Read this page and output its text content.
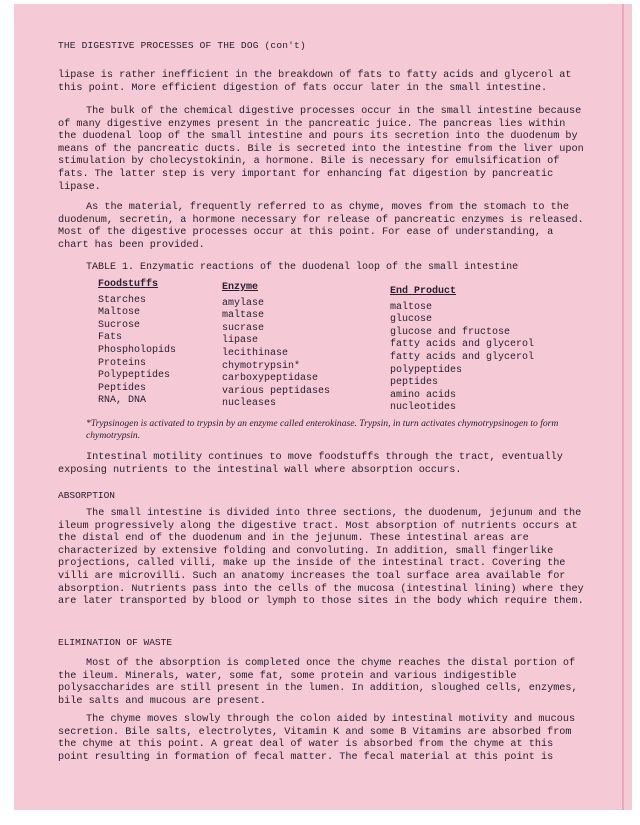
THE DIGESTIVE PROCESSES OF THE DOG (con't)

lipase is rather inefficient in the breakdown of fats to fatty acids and glycerol at this point. More efficient digestion of fats occur later in the small intestine.

The bulk of the chemical digestive processes occur in the small intestine because of many digestive enzymes present in the pancreatic juice. The pancreas lies within the duodenal loop of the small intestine and pours its secretion into the duodenum by means of the pancreatic ducts. Bile is secreted into the intestine from the liver upon stimulation by cholecystokinin, a hormone. Bile is necessary for emulsification of fats. The latter step is very important for enhancing fat digestion by pancreatic lipase.

As the material, frequently referred to as chyme, moves from the stomach to the duodenum, secretin, a hormone necessary for release of pancreatic enzymes is released. Most of the digestive processes occur at this point. For ease of understanding, a chart has been provided.

TABLE 1. Enzymatic reactions of the duodenal loop of the small intestine
Foodstuffs
Starches
Maltose
Sucrose
Fats
Phospholopids
Proteins
Polypeptides
Peptides
RNA, DNA
Enzyme
amylase
maltase
sucrase
lipase
lecithinase
chymotrypsin*
carboxypeptidase
various peptidases
nucleases
End Product
maltose
glucose
glucose and fructose
fatty acids and glycerol
fatty acids and glycerol
polypeptides
peptides
amino acids
nucleotides
*Trypsinogen is activated to trypsin by an enzyme called enterokinase. Trypsin, in turn activates chymotrypsinogen to form chymotrypsin.

Intestinal motility continues to move foodstuffs through the tract, eventually exposing nutrients to the intestinal wall where absorption occurs.

ABSORPTION

The small intestine is divided into three sections, the duodenum, jejunum and the ileum progressively along the digestive tract. Most absorption of nutrients occurs at the distal end of the duodenum and in the jejunum. These intestinal areas are characterized by extensive folding and convoluting. In addition, small fingerlike projections, called villi, make up the inside of the intestinal tract. Covering the villi are microvilli. Such an anatomy increases the toal surface area available for absorption. Nutrients pass into the cells of the mucosa (intestinal lining) where they are later transported by blood or lymph to those sites in the body which require them.

ELIMINATION OF WASTE

Most of the absorption is completed once the chyme reaches the distal portion of the ileum. Minerals, water, some fat, some protein and various indigestible polysaccharides are still present in the lumen. In addition, sloughed cells, enzymes, bile salts and mucous are present.

The chyme moves slowly through the colon aided by intestinal motivity and mucous secretion. Bile salts, electrolytes, Vitamin K and some B Vitamins are absorbed from the chyme at this point. A great deal of water is absorbed from the chyme at this point resulting in formation of fecal matter. The fecal material at this point is
